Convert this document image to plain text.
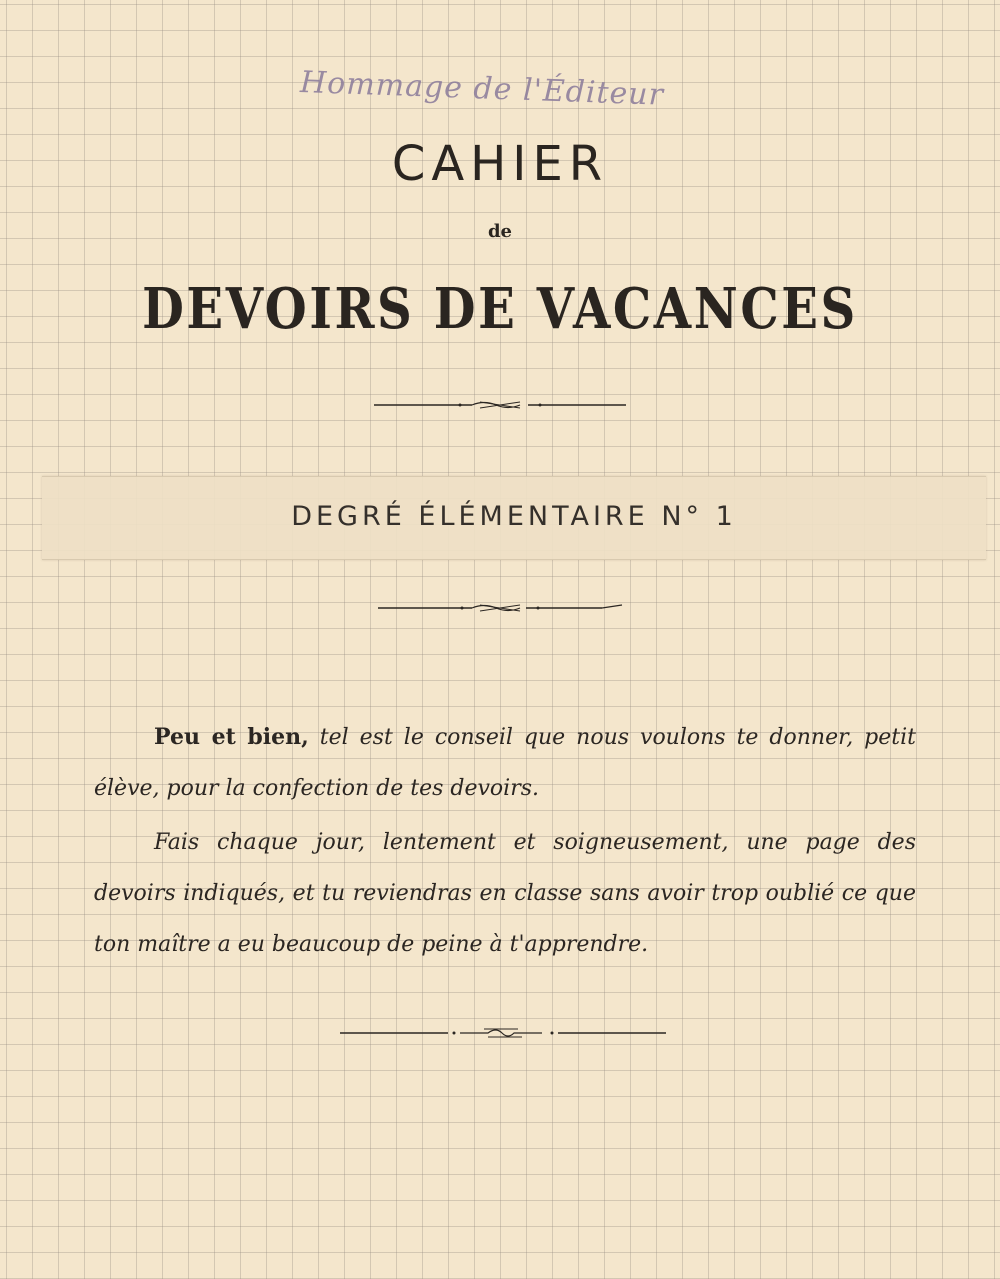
Hommage de l'Éditeur
CAHIER
de
DEVOIRS DE VACANCES
DEGRÉ ÉLÉMENTAIRE N° 1

Peu et bien, tel est le conseil que nous voulons te donner, petit élève, pour la confection de tes devoirs.

Fais chaque jour, lentement et soigneusement, une page des devoirs indiqués, et tu reviendras en classe sans avoir trop oublié ce que ton maître a eu beaucoup de peine à t'apprendre.
